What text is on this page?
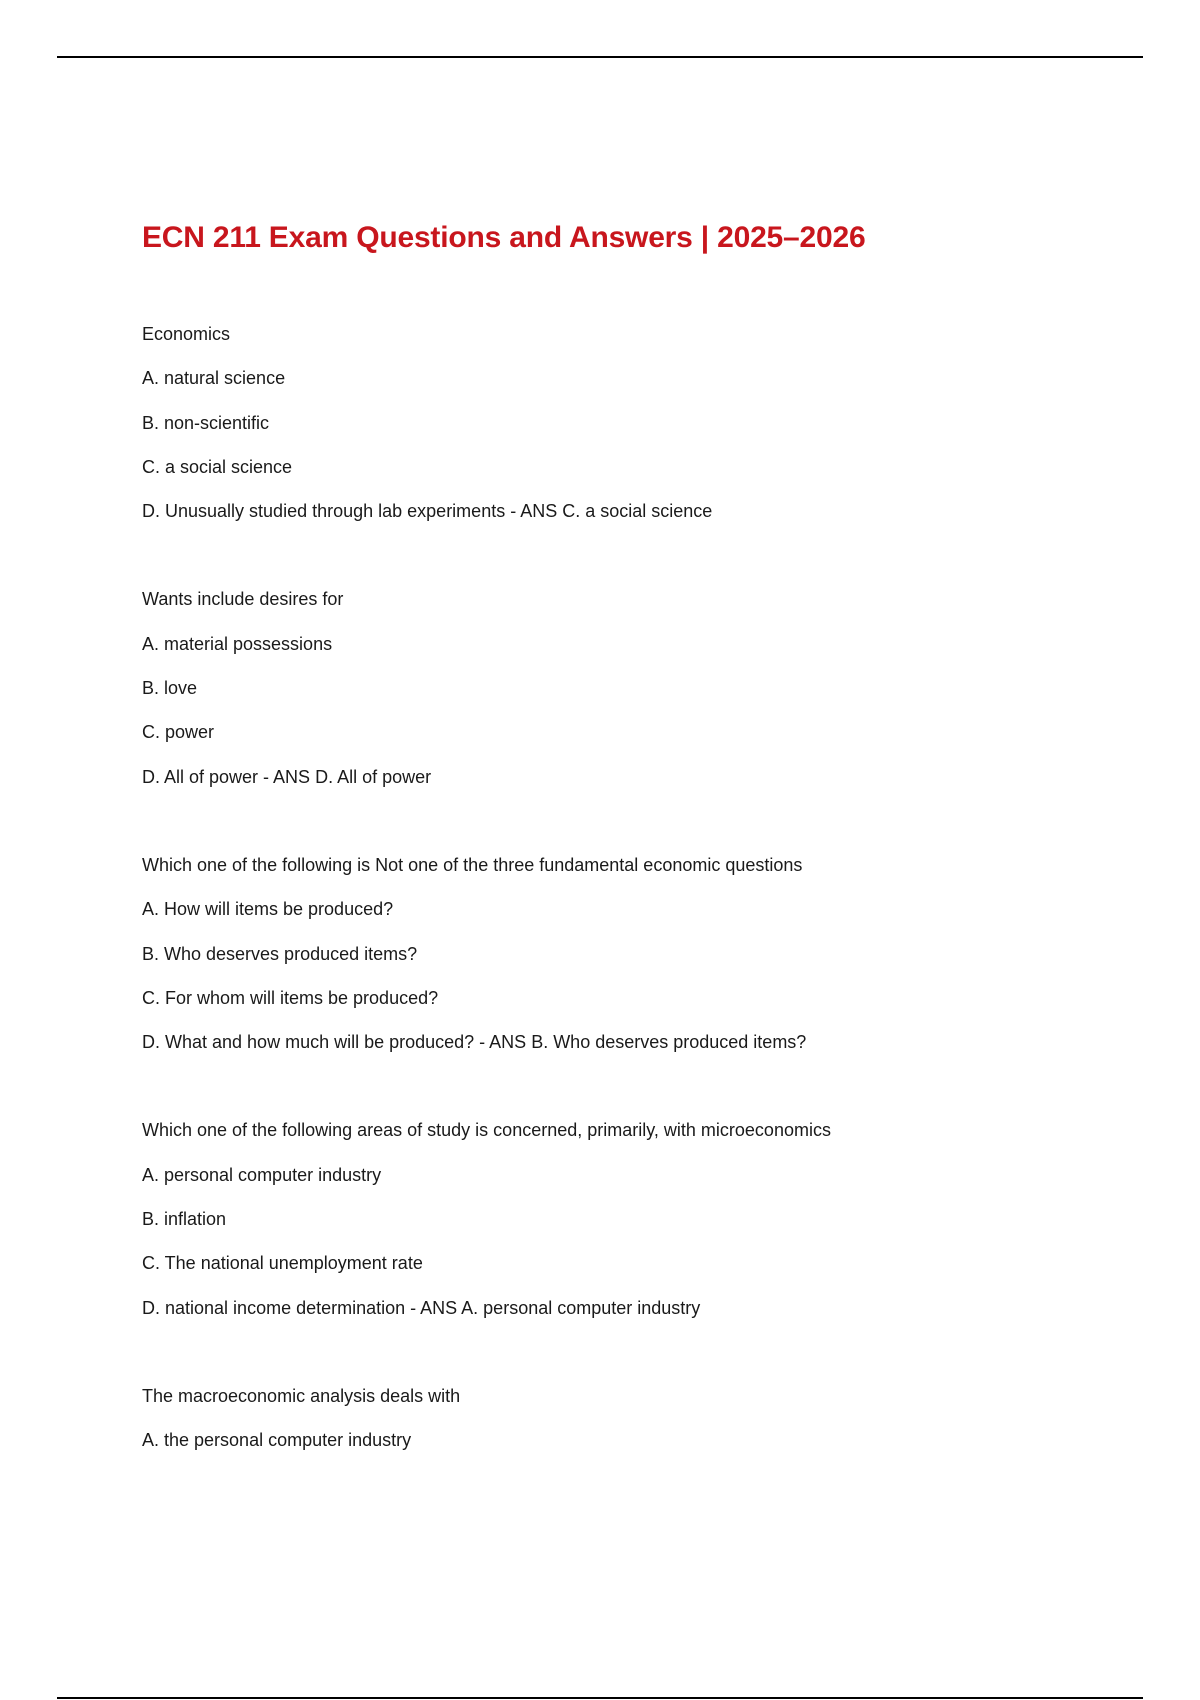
ECN 211 Exam Questions and Answers | 2025–2026
Economics
A. natural science
B. non-scientific
C. a social science
D. Unusually studied through lab experiments - ANS C. a social science
Wants include desires for
A. material possessions
B. love
C. power
D. All of power - ANS D. All of power
Which one of the following is Not one of the three fundamental economic questions
A. How will items be produced?
B. Who deserves produced items?
C. For whom will items be produced?
D. What and how much will be produced? - ANS B. Who deserves produced items?
Which one of the following areas of study is concerned, primarily, with microeconomics
A. personal computer industry
B. inflation
C. The national unemployment rate
D. national income determination - ANS A. personal computer industry
The macroeconomic analysis deals with
A. the personal computer industry
